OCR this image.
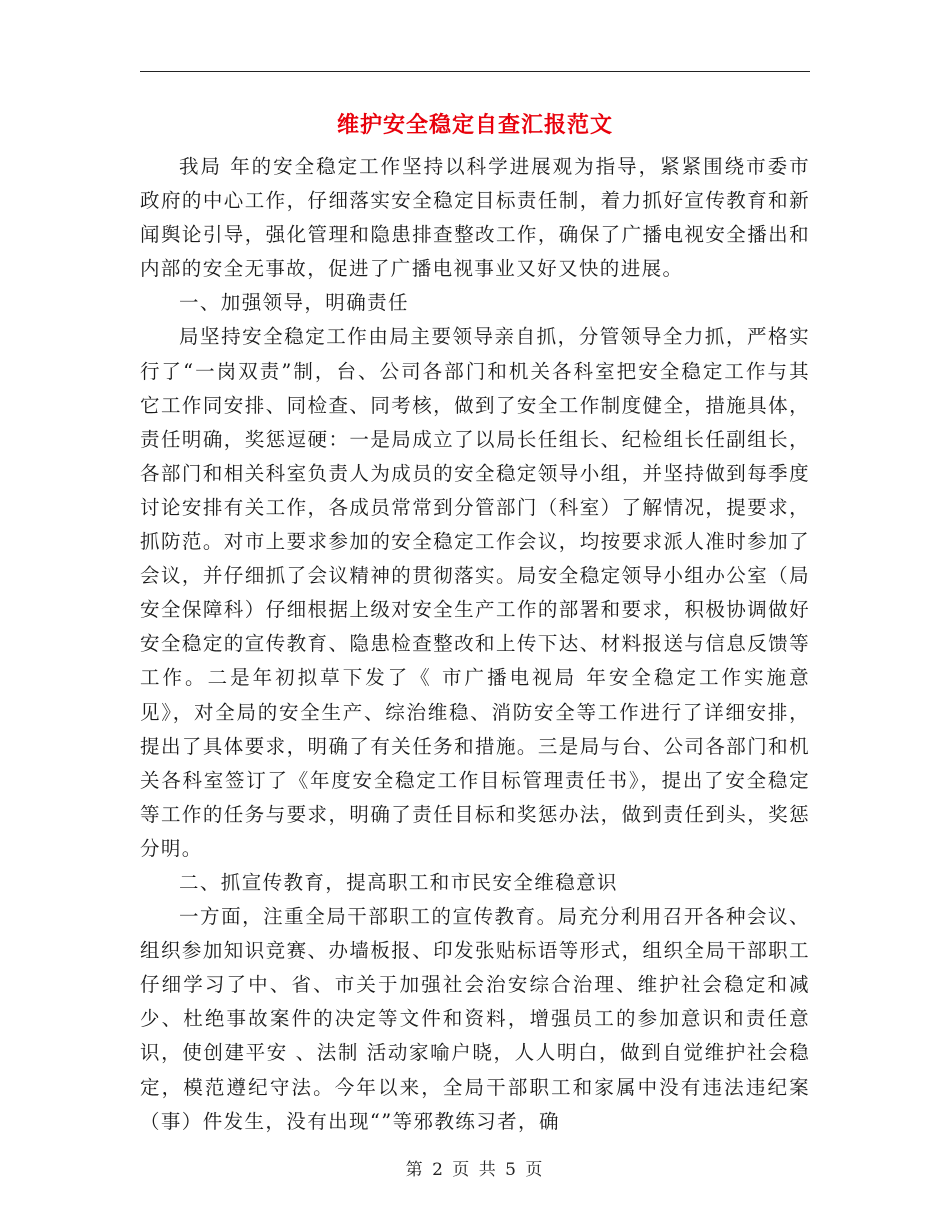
维护安全稳定自查汇报范文

我局 年的安全稳定工作坚持以科学进展观为指导，紧紧围绕市委市政府的中心工作，仔细落实安全稳定目标责任制，着力抓好宣传教育和新闻舆论引导，强化管理和隐患排查整改工作，确保了广播电视安全播出和内部的安全无事故，促进了广播电视事业又好又快的进展。

一、加强领导，明确责任

局坚持安全稳定工作由局主要领导亲自抓，分管领导全力抓，严格实行了“一岗双责”制，台、公司各部门和机关各科室把安全稳定工作与其它工作同安排、同检查、同考核，做到了安全工作制度健全，措施具体，责任明确，奖惩逗硬：一是局成立了以局长任组长、纪检组长任副组长，各部门和相关科室负责人为成员的安全稳定领导小组，并坚持做到每季度讨论安排有关工作，各成员常常到分管部门（科室）了解情况，提要求，抓防范。对市上要求参加的安全稳定工作会议，均按要求派人准时参加了会议，并仔细抓了会议精神的贯彻落实。局安全稳定领导小组办公室（局安全保障科）仔细根据上级对安全生产工作的部署和要求，积极协调做好安全稳定的宣传教育、隐患检查整改和上传下达、材料报送与信息反馈等工作。二是年初拟草下发了《 市广播电视局 年安全稳定工作实施意见》，对全局的安全生产、综治维稳、消防安全等工作进行了详细安排，提出了具体要求，明确了有关任务和措施。三是局与台、公司各部门和机关各科室签订了《年度安全稳定工作目标管理责任书》，提出了安全稳定等工作的任务与要求，明确了责任目标和奖惩办法，做到责任到头，奖惩分明。

二、抓宣传教育，提高职工和市民安全维稳意识

一方面，注重全局干部职工的宣传教育。局充分利用召开各种会议、组织参加知识竞赛、办墙板报、印发张贴标语等形式，组织全局干部职工仔细学习了中、省、市关于加强社会治安综合治理、维护社会稳定和减少、杜绝事故案件的决定等文件和资料，增强员工的参加意识和责任意识，使创建平安 、法制 活动家喻户晓，人人明白，做到自觉维护社会稳定，模范遵纪守法。今年以来，全局干部职工和家属中没有违法违纪案（事）件发生，没有出现“”等邪教练习者，确

第 2 页 共 5 页
